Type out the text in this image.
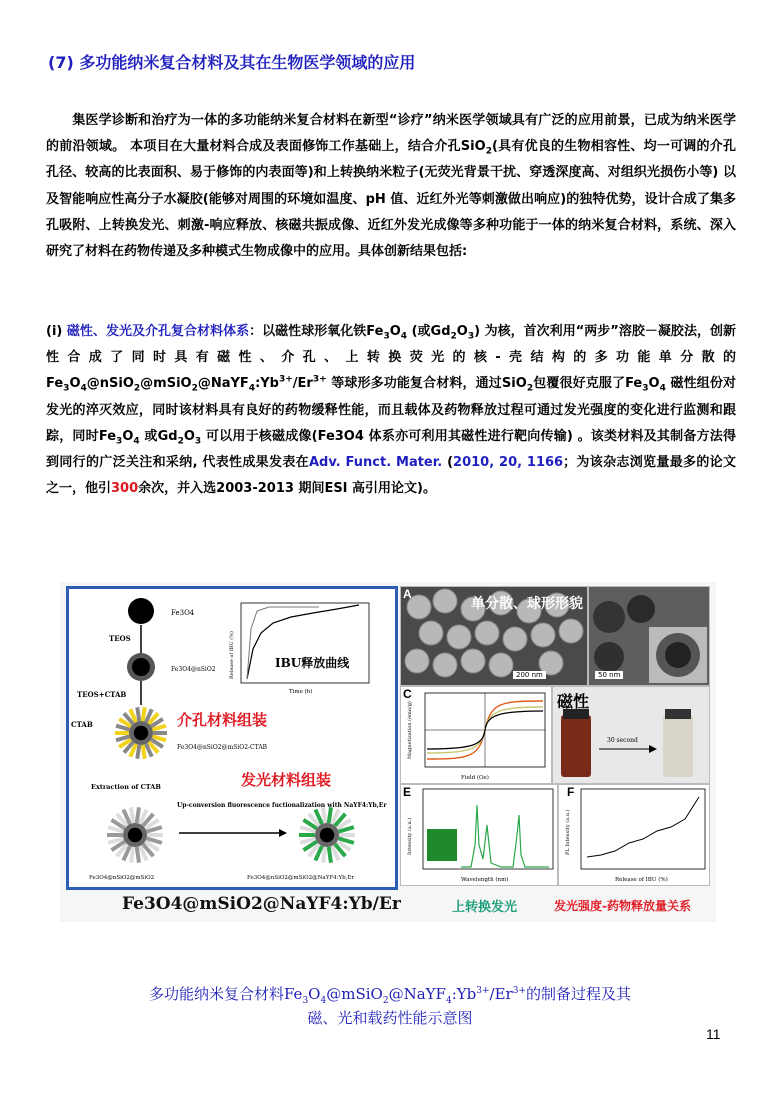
(7) 多功能纳米复合材料及其在生物医学领域的应用
集医学诊断和治疗为一体的多功能纳米复合材料在新型“诊疗”纳米医学领域具有广泛的应用前景，已成为纳米医学的前沿领域。 本项目在大量材料合成及表面修饰工作基础上，结合介孔SiO$_2$(具有优良的生物相容性、均一可调的介孔孔径、较高的比表面积、易于修饰的内表面等)和上转换纳米粒子(无荧光背景干扰、穿透深度高、对组织光损伤小等) 以及智能响应性高分子水凝胶(能够对周围的环境如温度、pH 值、近红外光等刺激做出响应)的独特优势，设计合成了集多孔吸附、上转换发光、刺激-响应释放、核磁共振成像、近红外发光成像等多种功能于一体的纳米复合材料，系统、深入研究了材料在药物传递及多种模式生物成像中的应用。具体创新结果包括:
(i) 磁性、发光及介孔复合材料体系：以磁性球形氧化铁$Fe_3O_4$ (或$Gd_2O_3$) 为核，首次利用“两步”溶胶－凝胶法，创新性合成了同时具有磁性、介孔、上转换荧光的核-壳结构的多功能单分散的$Fe_3O_4@nSiO_2@mSiO_2@NaYF_4:Yb^{3+}/Er^{3+}$ 等球形多功能复合材料，通过SiO$_2$包覆很好克服了$Fe_3O_4$ 磁性组份对发光的淬灭效应，同时该材料具有良好的药物缓释性能，而且载体及药物释放过程可通过发光强度的变化进行监测和跟踪，同时$Fe_3O_4$ 或$Gd_2O_3$ 可以用于核磁成像(Fe3O4 体系亦可利用其磁性进行靶向传输) 。该类材料及其制备方法得到同行的广泛关注和采纳, 代表性成果发表在Adv. Funct. Mater. (2010, 20, 1166；为该杂志浏览量最多的论文之一，他引300余次，并入选2003-2013 期间ESI 高引用论文)。
Fe3O4
TEOS
Fe3O4@nSiO2
TEOS+CTAB
CTAB	介孔材料组装
Fe3O4@nSiO2@mSiO2-CTAB
Extraction of CTAB	发光材料组装
Up-conversion fluorescence fuctionalization with NaYF4:Yb,Er
Fe3O4@nSiO2@mSiO2	Fe3O4@nSiO2@mSiO2@NaYF4:Yb,Er
IBU释放曲线
Release of IBU (%)
Time (h)
Fe3O4@mSiO2@NaYF4:Yb/Er
A
单分散、球形形貌
200 nm	50 nm
Field (Oe)
Magnetization (emu/g)
C	磁性
30 second
Wavelength (nm)
Intensity (a.u.)
E
Release of IBU (%)
PL Intensity (a.u.)
F
上转换发光	发光强度-药物释放量关系
多功能纳米复合材料$Fe_3O_4@mSiO_2@NaYF_4:Yb^{3+}/Er^{3+}$的制备过程及其
磁、光和载药性能示意图
11
